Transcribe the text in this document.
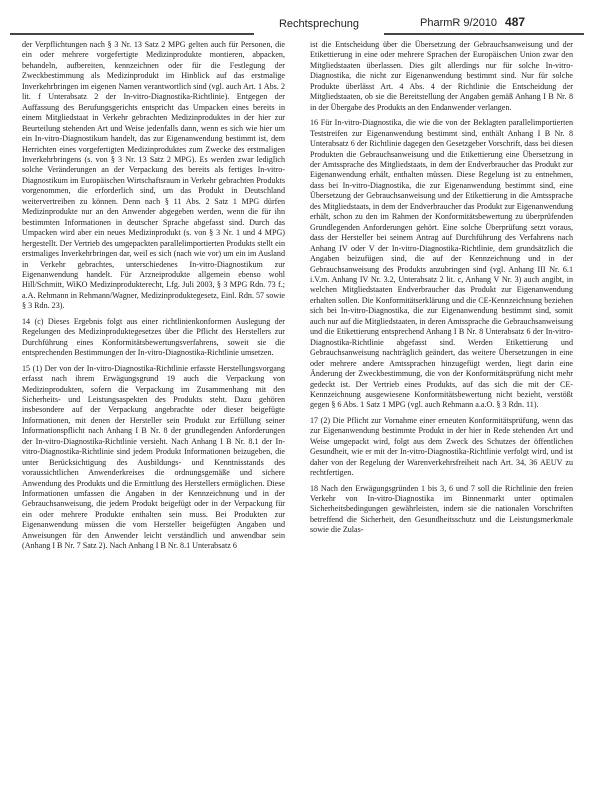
Rechtsprechung	PharmR 9/2010 487

der Verpflichtungen nach § 3 Nr. 13 Satz 2 MPG gelten auch für Personen, die ein oder mehrere vorgefertigte Medizinprodukte montieren, abpacken, behandeln, aufbereiten, kennzeichnen oder für die Festlegung der Zweckbestimmung als Medizinprodukt im Hinblick auf das erstmalige Inverkehrbringen im eigenen Namen verantwortlich sind (vgl. auch Art. 1 Abs. 2 lit. f Unterabsatz 2 der In-vitro-Diagnostika-Richtlinie). Entgegen der Auffassung des Berufungsgerichts entspricht das Umpacken eines bereits in einem Mitgliedstaat in Verkehr gebrachten Medizinproduktes in der hier zur Beurteilung stehenden Art und Weise jedenfalls dann, wenn es sich wie hier um ein In-vitro-Diagnostikum handelt, das zur Eigenanwendung bestimmt ist, dem Herrichten eines vorgefertigten Medizinproduktes zum Zwecke des erstmaligen Inverkehrbringens (s. von § 3 Nr. 13 Satz 2 MPG). Es werden zwar lediglich solche Veränderungen an der Verpackung des bereits als fertiges In-vitro-Diagnostikum im Europäischen Wirtschaftsraum in Verkehr gebrachten Produkts vorgenommen, die erforderlich sind, um das Produkt in Deutschland weitervertreiben zu können. Denn nach § 11 Abs. 2 Satz 1 MPG dürfen Medizinprodukte nur an den Anwender abgegeben werden, wenn die für ihn bestimmten Informationen in deutscher Sprache abgefasst sind. Durch das Umpacken wird aber ein neues Medizinprodukt (s. von § 3 Nr. 1 und 4 MPG) hergestellt. Der Vertrieb des umgepackten parallelimportierten Produkts stellt ein erstmaliges Inverkehrbringen dar, weil es sich (nach wie vor) um ein im Ausland in Verkehr gebrachtes, unterschiedenes In-vitro-Diagnostikum zur Eigenanwendung handelt. Für Arzneiprodukte allgemein ebenso wohl Hill/Schmitt, WiKO Medizinprodukterecht, Lfg. Juli 2003, § 3 MPG Rdn. 73 f.; a.A. Rehmann in Rehmann/Wagner, Medizinproduktegesetz, Einl. Rdn. 57 sowie § 3 Rdn. 23).

14 (c) Dieses Ergebnis folgt aus einer richtlinienkonformen Auslegung der Regelungen des Medizinproduktegesetzes über die Pflicht des Herstellers zur Durchführung eines Konformitätsbewertungsverfahrens, soweit sie die entsprechenden Bestimmungen der In-vitro-Diagnostika-Richtlinie umsetzen.

15 (1) Der von der In-vitro-Diagnostika-Richtlinie erfasste Herstellungsvorgang erfasst nach ihrem Erwägungsgrund 19 auch die Verpackung von Medizinprodukten, sofern die Verpackung im Zusammenhang mit den Sicherheits- und Leistungsaspekten des Produkts steht. Dazu gehören insbesondere auf der Verpackung angebrachte oder dieser beigefügte Informationen, mit denen der Hersteller sein Produkt zur Erfüllung seiner Informationspflicht nach Anhang I B Nr. 8 der grundlegenden Anforderungen der In-vitro-Diagnostika-Richtlinie versieht. Nach Anhang I B Nr. 8.1 der In-vitro-Diagnostika-Richtlinie sind jedem Produkt Informationen beizugeben, die unter Berücksichtigung des Ausbildungs- und Kenntnisstands des voraussichtlichen Anwenderkreises die ordnungsgemäße und sichere Anwendung des Produkts und die Ermittlung des Herstellers ermöglichen. Diese Informationen umfassen die Angaben in der Kennzeichnung und in der Gebrauchsanweisung, die jedem Produkt beigefügt oder in der Verpackung für ein oder mehrere Produkte enthalten sein muss. Bei Produkten zur Eigenanwendung müssen die vom Hersteller beigefügten Angaben und Anweisungen für den Anwender leicht verständlich und anwendbar sein (Anhang I B Nr. 7 Satz 2). Nach Anhang I B Nr. 8.1 Unterabsatz 6

ist die Entscheidung über die Übersetzung der Gebrauchsanweisung und der Etikettierung in eine oder mehrere Sprachen der Europäischen Union zwar den Mitgliedstaaten überlassen. Dies gilt allerdings nur für solche In-vitro-Diagnostika, die nicht zur Eigenanwendung bestimmt sind. Nur für solche Produkte überlässt Art. 4 Abs. 4 der Richtlinie die Entscheidung der Mitgliedstaaten, ob sie die Bereitstellung der Angaben gemäß Anhang I B Nr. 8 in der Übergabe des Produkts an den Endanwender verlangen.

16 Für In-vitro-Diagnostika, die wie die von der Beklagten parallelimportierten Teststreifen zur Eigenanwendung bestimmt sind, enthält Anhang I B Nr. 8 Unterabsatz 6 der Richtlinie dagegen den Gesetzgeber Vorschrift, dass bei diesen Produkten die Gebrauchsanweisung und die Etikettierung eine Übersetzung in der Amtssprache des Mitgliedstaats, in dem der Endverbraucher das Produkt zur Eigenanwendung erhält, enthalten müssen. Diese Regelung ist zu entnehmen, dass bei In-vitro-Diagnostika, die zur Eigenanwendung bestimmt sind, eine Übersetzung der Gebrauchsanweisung und der Etikettierung in die Amtssprache des Mitgliedstaats, in dem der Endverbraucher das Produkt zur Eigenanwendung erhält, schon zu den im Rahmen der Konformitätsbewertung zu überprüfenden Grundlegenden Anforderungen gehört. Eine solche Überprüfung setzt voraus, dass der Hersteller bei seinem Antrag auf Durchführung des Verfahrens nach Anhang IV oder V der In-vitro-Diagnostika-Richtlinie, dem grundsätzlich die Angaben beizufügen sind, die auf der Kennzeichnung und in der Gebrauchsanweisung des Produkts anzubringen sind (vgl. Anhang III Nr. 6.1 i.V.m. Anhang IV Nr. 3.2, Unterabsatz 2 lit. c, Anhang V Nr. 3) auch angibt, in welchen Mitgliedstaaten Endverbraucher das Produkt zur Eigenanwendung erhalten sollen. Die Konformitätserklärung und die CE-Kennzeichnung beziehen sich bei In-vitro-Diagnostika, die zur Eigenanwendung bestimmt sind, somit auch nur auf die Mitgliedstaaten, in deren Amtssprache die Gebrauchsanweisung und die Etikettierung entsprechend Anhang I B Nr. 8 Unterabsatz 6 der In-vitro-Diagnostika-Richtlinie abgefasst sind. Werden Etikettierung und Gebrauchsanweisung nachträglich geändert, das weitere Übersetzungen in eine oder mehrere andere Amtssprachen hinzugefügt werden, liegt darin eine Änderung der Zweckbestimmung, die von der Konformitätsprüfung nicht mehr gedeckt ist. Der Vertrieb eines Produkts, auf das sich die mit der CE-Kennzeichnung ausgewiesene Konformitätsbewertung nicht bezieht, verstößt gegen § 6 Abs. 1 Satz 1 MPG (vgl. auch Rehmann a.a.O. § 3 Rdn. 11).

17 (2) Die Pflicht zur Vornahme einer erneuten Konformitätsprüfung, wenn das zur Eigenanwendung bestimmte Produkt in der hier in Rede stehenden Art und Weise umgepackt wird, folgt aus dem Zweck des Schutzes der öffentlichen Gesundheit, wie er mit der In-vitro-Diagnostika-Richtlinie verfolgt wird, und ist daher von der Regelung der Warenverkehrsfreiheit nach Art. 34, 36 AEUV zu rechtfertigen.

18 Nach den Erwägungsgründen 1 bis 3, 6 und 7 soll die Richtlinie den freien Verkehr von In-vitro-Diagnostika im Binnenmarkt unter optimalen Sicherheitsbedingungen gewährleisten, indem sie die nationalen Vorschriften betreffend die Sicherheit, den Gesundheitsschutz und die Leistungsmerkmale sowie die Zulas-
